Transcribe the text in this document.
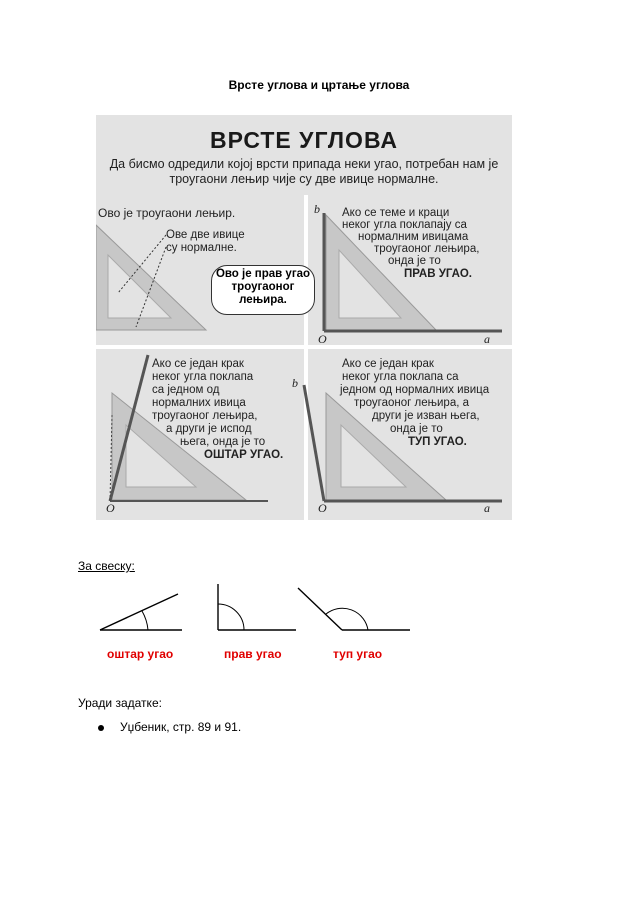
Врсте углова и цртање углова
ВРСТЕ УГЛОВА
Да бисмо одредили којој врсти припада неки угао, потребан нам је
троугаони лењир чије су две ивице нормалне.
Ово је троугаони лењир.
Ове две ивице
су нормалне.
Ово је прав угао
троугаоног
лењира.
b
O	a
Ако се теме и краци
неког угла поклапају са
нормалним ивицама
троугаоног лењира,
онда је то
ПРАВ УГАО.
Ако се један крак
неког угла поклапа
са једном од
нормалних ивица
троугаоног лењира,
а други је испод
њега, онда је то
ОШТАР УГАО.
O
b
O	a
Ако се један крак
неког угла поклапа са
једном од нормалних ивица
троугаоног лењира, а
други је изван њега,
онда је то
ТУП УГАО.
За свеску:
оштар угао	прав угао	туп угао
Уради задатке:
Уџбеник, стр. 89 и 91.
